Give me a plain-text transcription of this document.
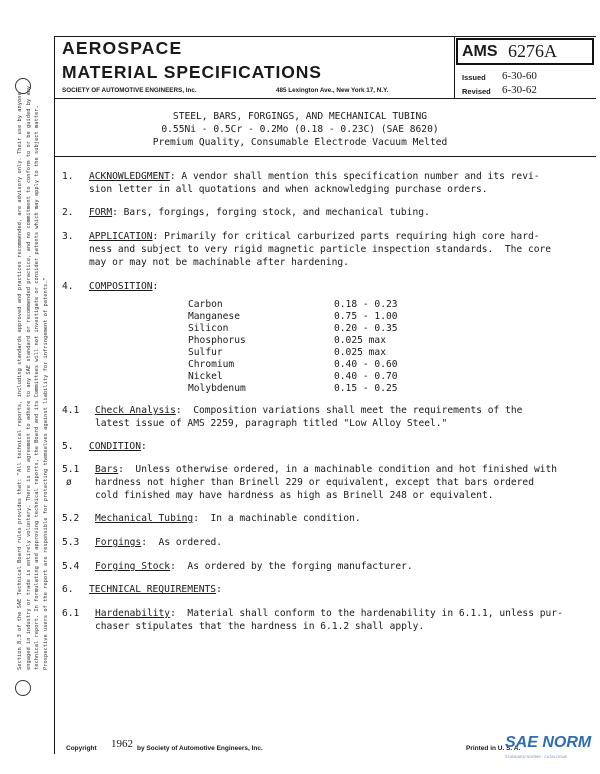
Section 8.3 of the SAE Technical Board rules provides that: "All technical reports, including standards approved and practices recommended, are advisory only. Their use by anyone engaged in industry or trade is entirely voluntary. There is no agreement to adhere to any SAE standard or recommended practice, and no commitment to conform to or be guided by any technical report. In formulating and approving technical reports, the Board and its Committees will not investigate or consider patents which may apply to the subject matter. Prospective users of the report are responsible for protecting themselves against liability for infringement of patents."
AEROSPACE
MATERIAL SPECIFICATIONS
SOCIETY OF AUTOMOTIVE ENGINEERS, Inc.	485 Lexington Ave., New York 17, N.Y.
AMS 6276A
Issued 6-30-60
Revised 6-30-62
STEEL, BARS, FORGINGS, AND MECHANICAL TUBING
0.55Ni - 0.5Cr - 0.2Mo (0.18 - 0.23C) (SAE 8620)
Premium Quality, Consumable Electrode Vacuum Melted
1. ACKNOWLEDGMENT: A vendor shall mention this specification number and its revi-
sion letter in all quotations and when acknowledging purchase orders.
2. FORM: Bars, forgings, forging stock, and mechanical tubing.
3. APPLICATION: Primarily for critical carburized parts requiring high core hard-
ness and subject to very rigid magnetic particle inspection standards.  The core
may or may not be machinable after hardening.
4. COMPOSITION:
Carbon	0.18 - 0.23
Manganese	0.75 - 1.00
Silicon	0.20 - 0.35
Phosphorus	0.025 max
Sulfur	0.025 max
Chromium	0.40 - 0.60
Nickel	0.40 - 0.70
Molybdenum	0.15 - 0.25
4.1 Check Analysis:  Composition variations shall meet the requirements of the
latest issue of AMS 2259, paragraph titled "Low Alloy Steel."
5. CONDITION:
5.1
ø
Bars:  Unless otherwise ordered, in a machinable condition and hot finished with
hardness not higher than Brinell 229 or equivalent, except that bars ordered
cold finished may have hardness as high as Brinell 248 or equivalent.
5.2 Mechanical Tubing:  In a machinable condition.
5.3 Forgings:  As ordered.
5.4 Forging Stock:  As ordered by the forging manufacturer.
6. TECHNICAL REQUIREMENTS:
6.1 Hardenability:  Material shall conform to the hardenability in 6.1.1, unless pur-
chaser stipulates that the hardness in 6.1.2 shall apply.
Copyright 1962 by Society of Automotive Engineers, Inc.	Printed in U. S. A.
SAE NORM
STANDARD NORMS · CATALOGUE
